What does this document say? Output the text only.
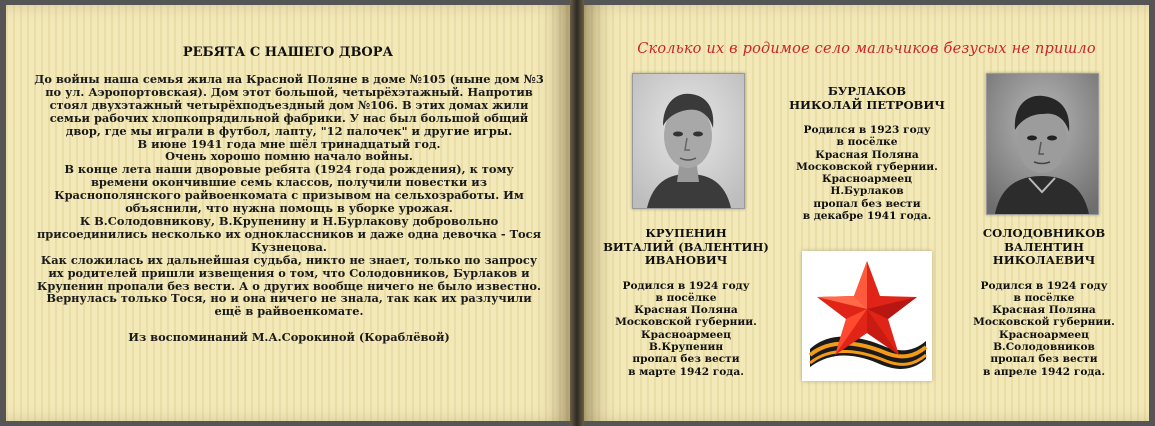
РЕБЯТА С НАШЕГО ДВОРА

До войны наша семья жила на Красной Поляне в доме №105 (ныне дом №3 по ул. Аэропортовская). Дом этот большой, четырёхэтажный. Напротив стоял двухэтажный четырёхподъездный дом №106. В этих домах жили семьи рабочих хлопкопрядильной фабрики. У нас был большой общий двор, где мы играли в футбол, лапту, "12 палочек" и другие игры.

В июне 1941 года мне шёл тринадцатый год.

Очень хорошо помню начало войны.

В конце лета наши дворовые ребята (1924 года рождения), к тому времени окончившие семь классов, получили повестки из Краснополянского райвоенкомата с призывом на сельхозработы. Им объяснили, что нужна помощь в уборке урожая.

К В.Солодовникову, В.Крупенину и Н.Бурлакову добровольно присоединились несколько их одноклассников и даже одна девочка - Тося Кузнецова.

Как сложилась их дальнейшая судьба, никто не знает, только по запросу их родителей пришли извещения о том, что Солодовников, Бурлаков и Крупенин пропали без вести. А о других вообще ничего не было известно. Вернулась только Тося, но и она ничего не знала, так как их разлучили ещё в райвоенкомате.

Из воспоминаний М.А.Сорокиной (Кораблёвой)

Сколько их в родимое село мальчиков безусых не пришло
КРУПЕНИН
ВИТАЛИЙ (ВАЛЕНТИН)
ИВАНОВИЧ
Родился в 1924 году
в посёлке
Красная Поляна
Московской губернии.
Красноармеец
В.Крупенин
пропал без вести
в марте 1942 года.
БУРЛАКОВ
НИКОЛАЙ ПЕТРОВИЧ
Родился в 1923 году
в посёлке
Красная Поляна
Московской губернии.
Красноармеец
Н.Бурлаков
пропал без вести
в декабре 1941 года.
СОЛОДОВНИКОВ
ВАЛЕНТИН
НИКОЛАЕВИЧ
Родился в 1924 году
в посёлке
Красная Поляна
Московской губернии.
Красноармеец
В.Солодовников
пропал без вести
в апреле 1942 года.
